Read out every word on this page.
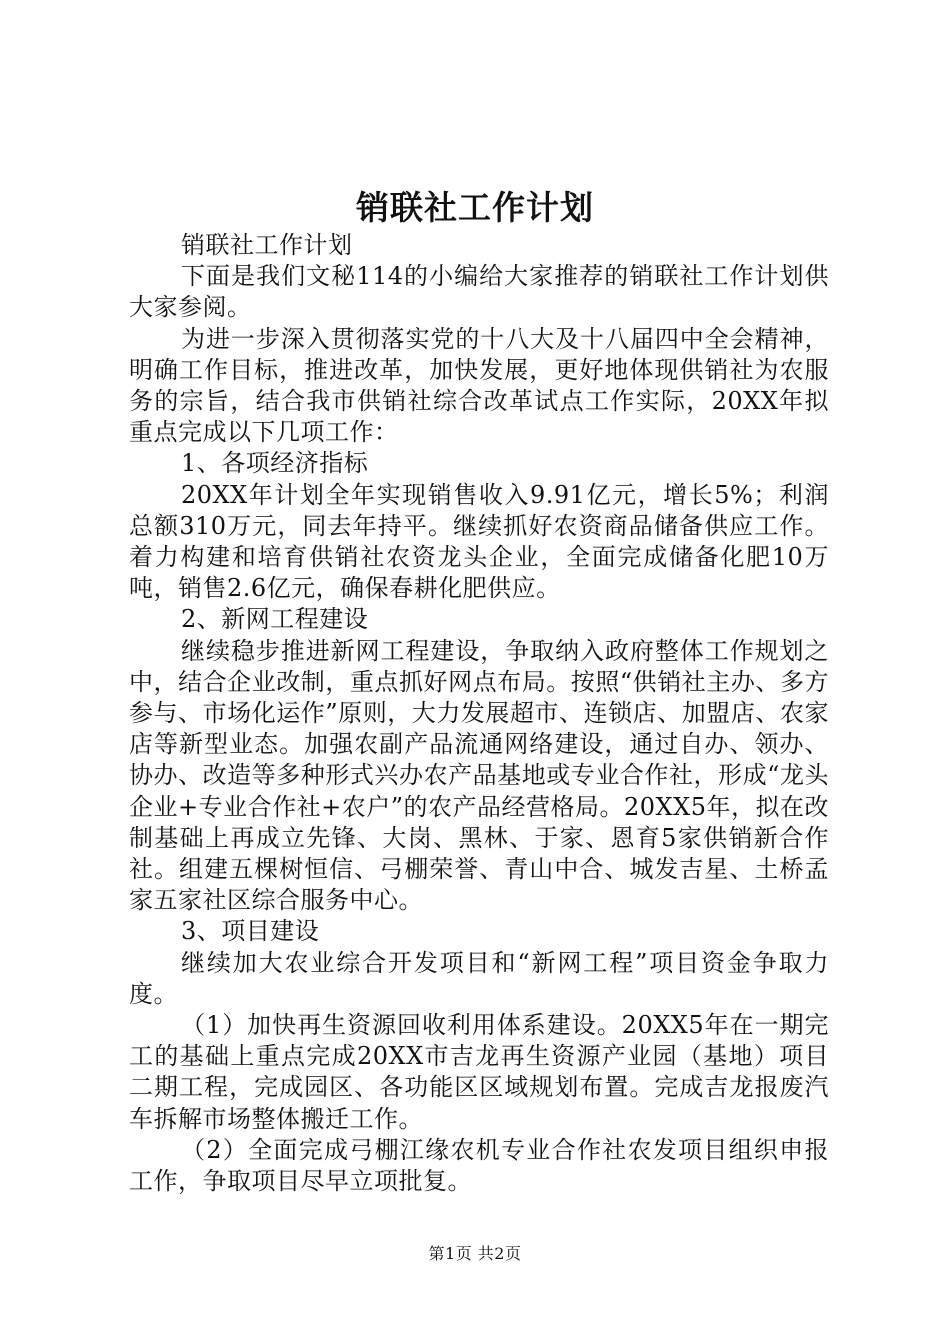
销联社工作计划

销联社工作计划

下面是我们文秘114的小编给大家推荐的销联社工作计划供大家参阅。

为进一步深入贯彻落实党的十八大及十八届四中全会精神，明确工作目标，推进改革，加快发展，更好地体现供销社为农服务的宗旨，结合我市供销社综合改革试点工作实际，20XX年拟重点完成以下几项工作：

1、各项经济指标

20XX年计划全年实现销售收入9.91亿元，增长5%；利润总额310万元，同去年持平。继续抓好农资商品储备供应工作。着力构建和培育供销社农资龙头企业，全面完成储备化肥10万吨，销售2.6亿元，确保春耕化肥供应。

2、新网工程建设

继续稳步推进新网工程建设，争取纳入政府整体工作规划之中，结合企业改制，重点抓好网点布局。按照“供销社主办、多方参与、市场化运作”原则，大力发展超市、连锁店、加盟店、农家店等新型业态。加强农副产品流通网络建设，通过自办、领办、协办、改造等多种形式兴办农产品基地或专业合作社，形成“龙头企业+专业合作社+农户”的农产品经营格局。20XX5年，拟在改制基础上再成立先锋、大岗、黑林、于家、恩育5家供销新合作社。组建五棵树恒信、弓棚荣誉、青山中合、城发吉星、土桥孟家五家社区综合服务中心。

3、项目建设

继续加大农业综合开发项目和“新网工程”项目资金争取力度。

（1）加快再生资源回收利用体系建设。20XX5年在一期完工的基础上重点完成20XX市吉龙再生资源产业园（基地）项目二期工程，完成园区、各功能区区域规划布置。完成吉龙报废汽车拆解市场整体搬迁工作。

（2）全面完成弓棚江缘农机专业合作社农发项目组织申报工作，争取项目尽早立项批复。

第1页 共2页
